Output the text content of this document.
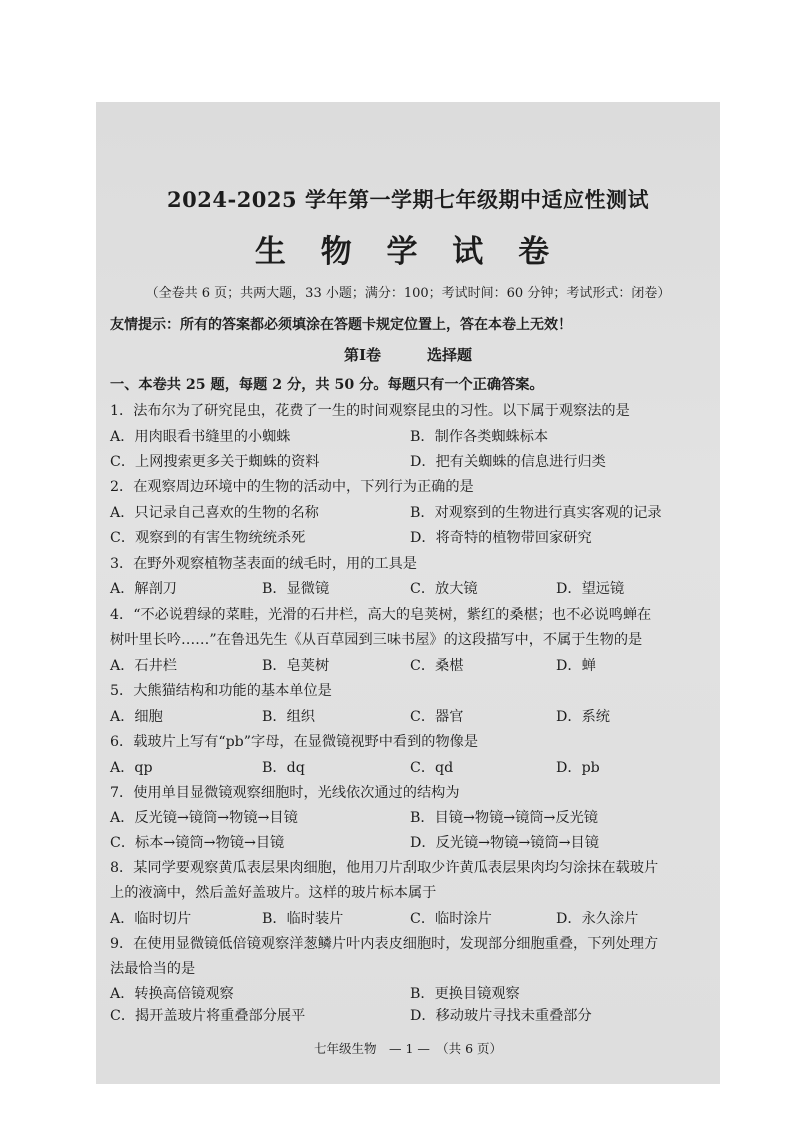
2024-2025 学年第一学期七年级期中适应性测试
生 物 学 试 卷
（全卷共 6 页；共两大题，33 小题；满分：100；考试时间：60 分钟；考试形式：闭卷）
友情提示：所有的答案都必须填涂在答题卡规定位置上，答在本卷上无效！
第Ⅰ卷	选择题
一、本卷共 25 题，每题 2 分，共 50 分。每题只有一个正确答案。
1．法布尔为了研究昆虫，花费了一生的时间观察昆虫的习性。以下属于观察法的是
A．用肉眼看书缝里的小蜘蛛	B．制作各类蜘蛛标本
C．上网搜索更多关于蜘蛛的资料	D．把有关蜘蛛的信息进行归类
2．在观察周边环境中的生物的活动中，下列行为正确的是
A．只记录自己喜欢的生物的名称	B．对观察到的生物进行真实客观的记录
C．观察到的有害生物统统杀死	D．将奇特的植物带回家研究
3．在野外观察植物茎表面的绒毛时，用的工具是
A．解剖刀	B．显微镜	C．放大镜	D．望远镜
4．“不必说碧绿的菜畦，光滑的石井栏，高大的皂荚树，紫红的桑椹；也不必说鸣蝉在
树叶里长吟……”在鲁迅先生《从百草园到三味书屋》的这段描写中，不属于生物的是
A．石井栏	B．皂荚树	C．桑椹	D．蝉
5．大熊猫结构和功能的基本单位是
A．细胞	B．组织	C．器官	D．系统
6．载玻片上写有“pb”字母，在显微镜视野中看到的物像是
A．qp	B．dq	C．qd	D．pb
7．使用单目显微镜观察细胞时，光线依次通过的结构为
A．反光镜→镜筒→物镜→目镜	B．目镜→物镜→镜筒→反光镜
C．标本→镜筒→物镜→目镜	D．反光镜→物镜→镜筒→目镜
8．某同学要观察黄瓜表层果肉细胞，他用刀片刮取少许黄瓜表层果肉均匀涂抹在载玻片
上的液滴中，然后盖好盖玻片。这样的玻片标本属于
A．临时切片	B．临时装片	C．临时涂片	D．永久涂片
9．在使用显微镜低倍镜观察洋葱鳞片叶内表皮细胞时，发现部分细胞重叠，下列处理方
法最恰当的是
A．转换高倍镜观察	B．更换目镜观察
C．揭开盖玻片将重叠部分展平	D．移动玻片寻找未重叠部分
七年级生物　— 1 —　（共 6 页）
